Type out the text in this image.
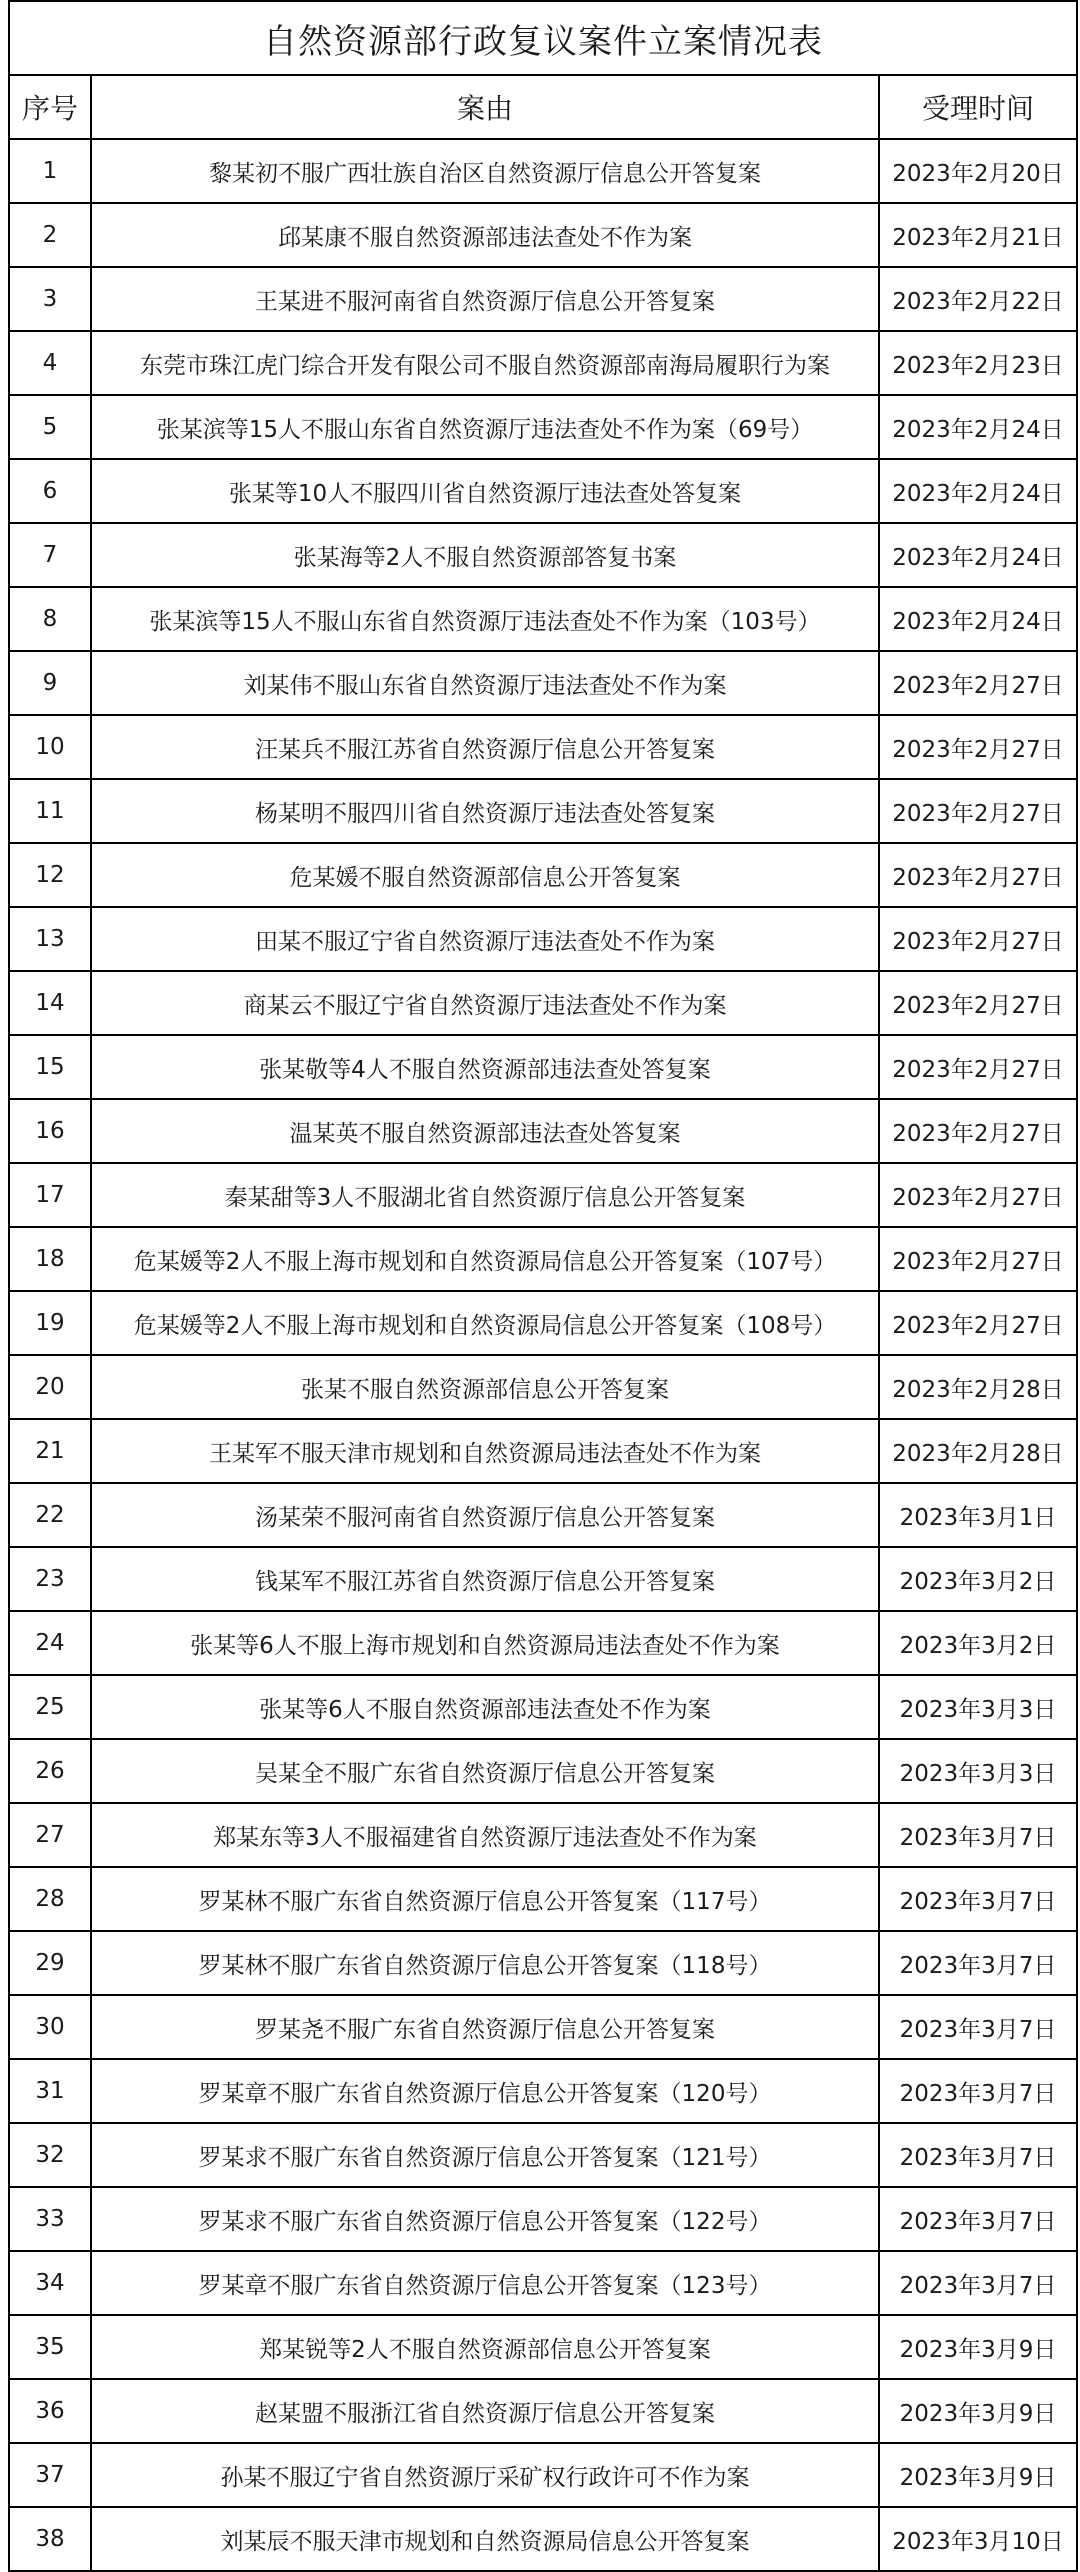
自然资源部行政复议案件立案情况表		
序号	案由	受理时间
1	黎某初不服广西壮族自治区自然资源厅信息公开答复案	2023年2月20日
2	邱某康不服自然资源部违法查处不作为案	2023年2月21日
3	王某进不服河南省自然资源厅信息公开答复案	2023年2月22日
4	东莞市珠江虎门综合开发有限公司不服自然资源部南海局履职行为案	2023年2月23日
5	张某滨等15人不服山东省自然资源厅违法查处不作为案（69号）	2023年2月24日
6	张某等10人不服四川省自然资源厅违法查处答复案	2023年2月24日
7	张某海等2人不服自然资源部答复书案	2023年2月24日
8	张某滨等15人不服山东省自然资源厅违法查处不作为案（103号）	2023年2月24日
9	刘某伟不服山东省自然资源厅违法查处不作为案	2023年2月27日
10	汪某兵不服江苏省自然资源厅信息公开答复案	2023年2月27日
11	杨某明不服四川省自然资源厅违法查处答复案	2023年2月27日
12	危某媛不服自然资源部信息公开答复案	2023年2月27日
13	田某不服辽宁省自然资源厅违法查处不作为案	2023年2月27日
14	商某云不服辽宁省自然资源厅违法查处不作为案	2023年2月27日
15	张某敬等4人不服自然资源部违法查处答复案	2023年2月27日
16	温某英不服自然资源部违法查处答复案	2023年2月27日
17	秦某甜等3人不服湖北省自然资源厅信息公开答复案	2023年2月27日
18	危某媛等2人不服上海市规划和自然资源局信息公开答复案（107号）	2023年2月27日
19	危某媛等2人不服上海市规划和自然资源局信息公开答复案（108号）	2023年2月27日
20	张某不服自然资源部信息公开答复案	2023年2月28日
21	王某军不服天津市规划和自然资源局违法查处不作为案	2023年2月28日
22	汤某荣不服河南省自然资源厅信息公开答复案	2023年3月1日
23	钱某军不服江苏省自然资源厅信息公开答复案	2023年3月2日
24	张某等6人不服上海市规划和自然资源局违法查处不作为案	2023年3月2日
25	张某等6人不服自然资源部违法查处不作为案	2023年3月3日
26	吴某全不服广东省自然资源厅信息公开答复案	2023年3月3日
27	郑某东等3人不服福建省自然资源厅违法查处不作为案	2023年3月7日
28	罗某林不服广东省自然资源厅信息公开答复案（117号）	2023年3月7日
29	罗某林不服广东省自然资源厅信息公开答复案（118号）	2023年3月7日
30	罗某尧不服广东省自然资源厅信息公开答复案	2023年3月7日
31	罗某章不服广东省自然资源厅信息公开答复案（120号）	2023年3月7日
32	罗某求不服广东省自然资源厅信息公开答复案（121号）	2023年3月7日
33	罗某求不服广东省自然资源厅信息公开答复案（122号）	2023年3月7日
34	罗某章不服广东省自然资源厅信息公开答复案（123号）	2023年3月7日
35	郑某锐等2人不服自然资源部信息公开答复案	2023年3月9日
36	赵某盟不服浙江省自然资源厅信息公开答复案	2023年3月9日
37	孙某不服辽宁省自然资源厅采矿权行政许可不作为案	2023年3月9日
38	刘某辰不服天津市规划和自然资源局信息公开答复案	2023年3月10日
